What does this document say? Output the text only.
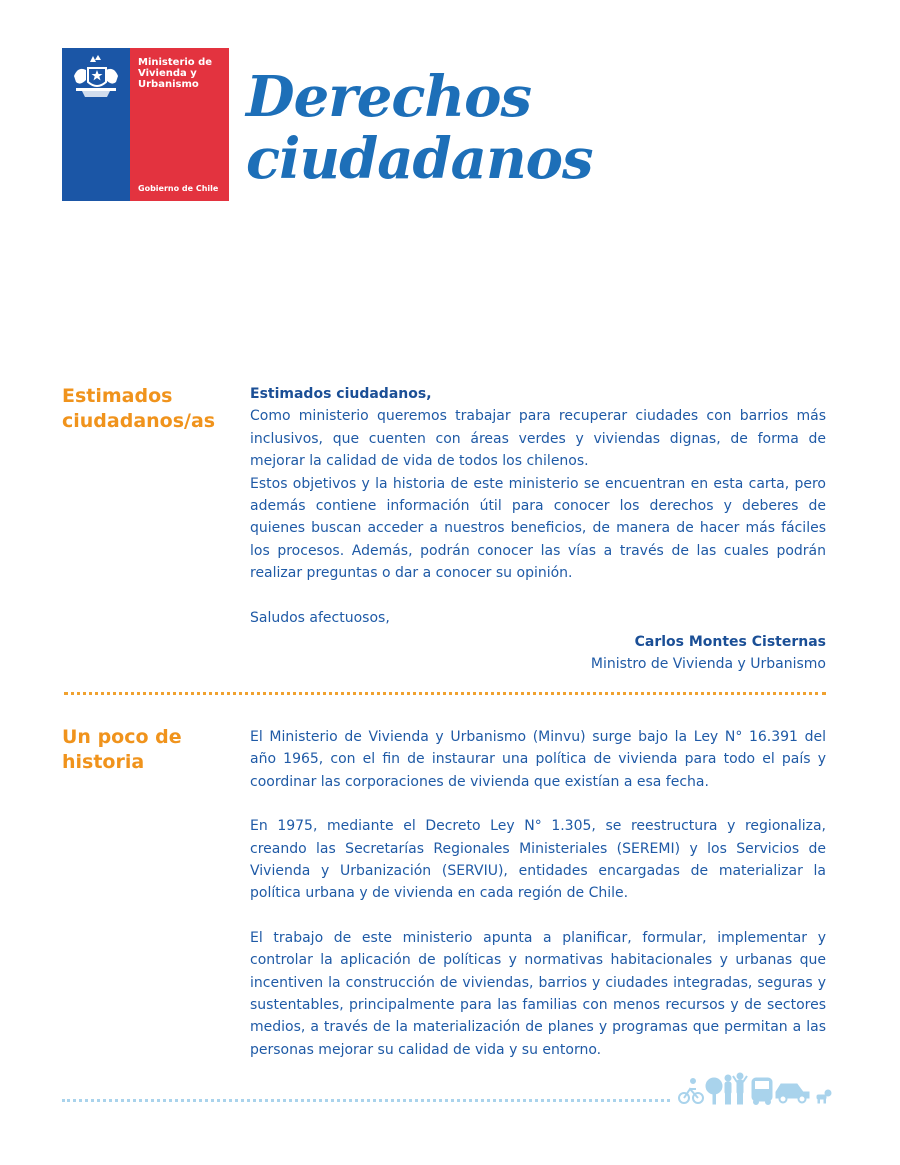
Ministerio de
Vivienda y
Urbanismo
Gobierno de Chile
Derechos
ciudadanos
Estimados
ciudadanos/as

Estimados ciudadanos,

Como ministerio queremos trabajar para recuperar ciudades con barrios más inclusivos, que cuenten con áreas verdes y viviendas dignas, de forma de mejorar la calidad de vida de todos los chilenos.

Estos objetivos y la historia de este ministerio se encuentran en esta carta, pero además contiene información útil para conocer los derechos y deberes de quienes buscan acceder a nuestros beneficios, de manera de hacer más fáciles los procesos. Además, podrán conocer las vías a través de las cuales podrán realizar preguntas o dar a conocer su opinión.

Saludos afectuosos,

Carlos Montes Cisternas

Ministro de Vivienda y Urbanismo

Un poco de
historia

El Ministerio de Vivienda y Urbanismo (Minvu) surge bajo la Ley N° 16.391 del año 1965, con el fin de instaurar una política de vivienda para todo el país y coordinar las corporaciones de vivienda que existían a esa fecha.

En 1975, mediante el Decreto Ley N° 1.305, se reestructura y regionaliza, creando las Secretarías Regionales Ministeriales (SEREMI) y los Servicios de Vivienda y Urbanización (SERVIU), entidades encargadas de materializar la política urbana y de vivienda en cada región de Chile.

El trabajo de este ministerio apunta a planificar, formular, implementar y controlar la aplicación de políticas y normativas habitacionales y urbanas que incentiven la construcción de viviendas, barrios y ciudades integradas, seguras y sustentables, principalmente para las familias con menos recursos y de sectores medios, a través de la materialización de planes y programas que permitan a las personas mejorar su calidad de vida y su entorno.
